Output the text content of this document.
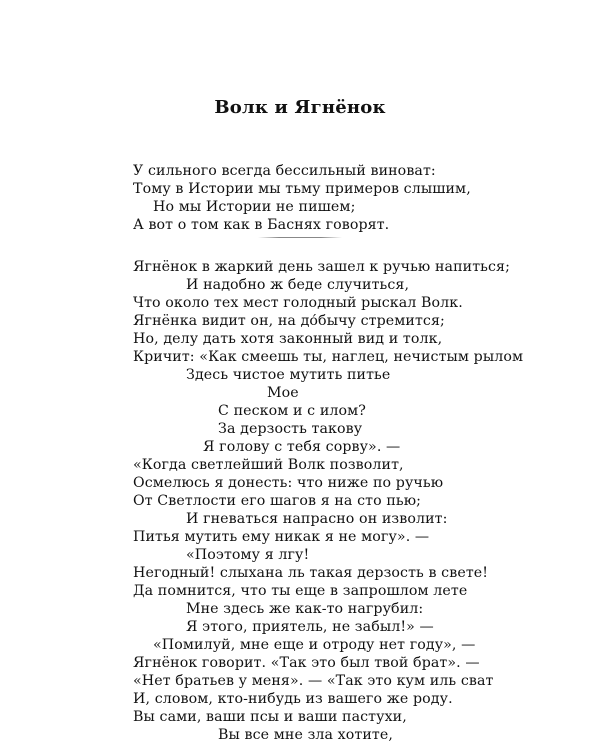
Волк и Ягнёнок
У сильного всегда бессильный виноват:
Тому в Истории мы тьму примеров слышим,
Но мы Истории не пишем;
А вот о том как в Баснях говорят.
Ягнёнок в жаркий день зашел к ручью напиться;
И надобно ж беде случиться,
Что около тех мест голодный рыскал Волк.
Ягнёнка видит он, на до́бычу стремится;
Но, делу дать хотя законный вид и толк,
Кричит: «Как смеешь ты, наглец, нечистым рылом
Здесь чистое мутить питье
Мое
С песком и с илом?
За дерзость такову
Я голову с тебя сорву». —
«Когда светлейший Волк позволит,
Осмелюсь я донесть: что ниже по ручью
От Светлости его шагов я на сто пью;
И гневаться напрасно он изволит:
Питья мутить ему никак я не могу». —
«Поэтому я лгу!
Негодный! слыхана ль такая дерзость в свете!
Да помнится, что ты еще в запрошлом лете
Мне здесь же как-то нагрубил:
Я этого, приятель, не забыл!» —
«Помилуй, мне еще и отроду нет году», —
Ягнёнок говорит. «Так это был твой брат». —
«Нет братьев у меня». — «Так это кум иль сват
И, словом, кто-нибудь из вашего же роду.
Вы сами, ваши псы и ваши пастухи,
Вы все мне зла хотите,
